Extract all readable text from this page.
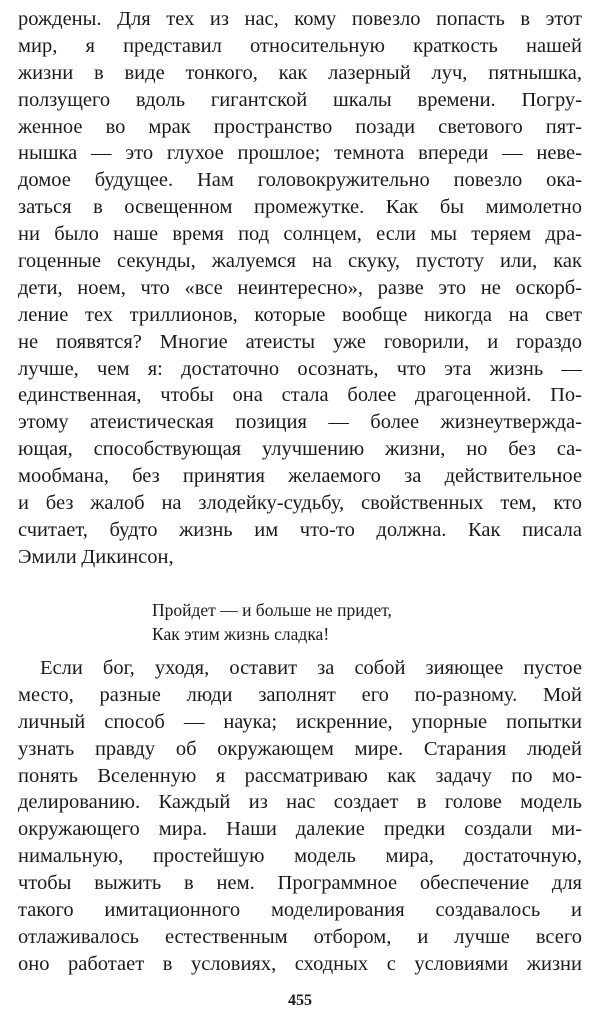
рождены. Для тех из нас, кому повезло попасть в этот
мир, я представил относительную краткость нашей
жизни в виде тонкого, как лазерный луч, пятнышка,
ползущего вдоль гигантской шкалы времени. Погру-
женное во мрак пространство позади светового пят-
нышка — это глухое прошлое; темнота впереди — неве-
домое будущее. Нам головокружительно повезло ока-
заться в освещенном промежутке. Как бы мимолетно
ни было наше время под солнцем, если мы теряем дра-
гоценные секунды, жалуемся на скуку, пустоту или, как
дети, ноем, что «все неинтересно», разве это не оскорб-
ление тех триллионов, которые вообще никогда на свет
не появятся? Многие атеисты уже говорили, и гораздо
лучше, чем я: достаточно осознать, что эта жизнь —
единственная, чтобы она стала более драгоценной. По-
этому атеистическая позиция — более жизнеутвержда-
ющая, способствующая улучшению жизни, но без са-
мообмана, без принятия желаемого за действительное
и без жалоб на злодейку-судьбу, свойственных тем, кто
считает, будто жизнь им что-то должна. Как писала
Эмили Дикинсон,
Пройдет — и больше не придет,
Как этим жизнь сладка!
Если бог, уходя, оставит за собой зияющее пустое
место, разные люди заполнят его по-разному. Мой
личный способ — наука; искренние, упорные попытки
узнать правду об окружающем мире. Старания людей
понять Вселенную я рассматриваю как задачу по мо-
делированию. Каждый из нас создает в голове модель
окружающего мира. Наши далекие предки создали ми-
нимальную, простейшую модель мира, достаточную,
чтобы выжить в нем. Программное обеспечение для
такого имитационного моделирования создавалось и
отлаживалось естественным отбором, и лучше всего
оно работает в условиях, сходных с условиями жизни
455
